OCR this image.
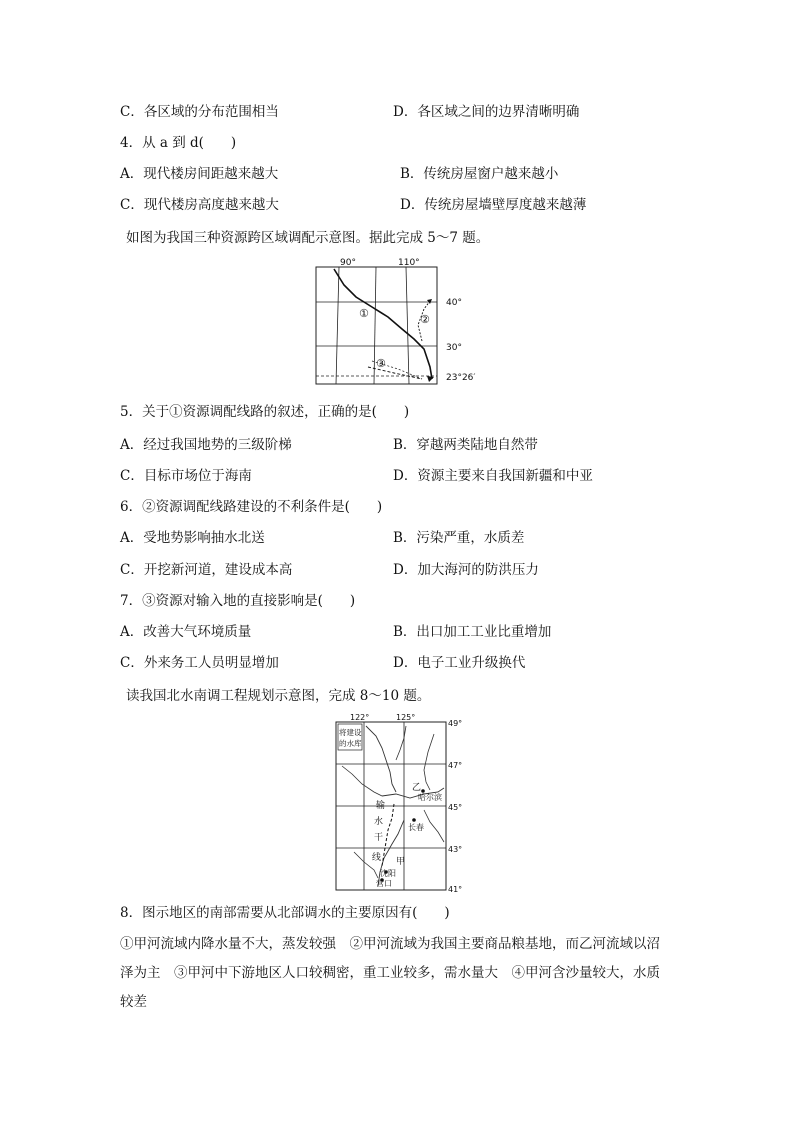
C．各区域的分布范围相当	D．各区域之间的边界清晰明确
4．从 a 到 d(　　)
A．现代楼房间距越来越大	B．传统房屋窗户越来越小
C．现代楼房高度越来越大	D．传统房屋墙壁厚度越来越薄
如图为我国三种资源跨区域调配示意图。据此完成 5～7 题。
90°	110°
40°
30°
23°26′
①	②
③
5．关于①资源调配线路的叙述，正确的是(　　)
A．经过我国地势的三级阶梯	B．穿越两类陆地自然带
C．目标市场位于海南	D．资源主要来自我国新疆和中亚
6．②资源调配线路建设的不利条件是(　　)
A．受地势影响抽水北送	B．污染严重，水质差
C．开挖新河道，建设成本高	D．加大海河的防洪压力
7．③资源对输入地的直接影响是(　　)
A．改善大气环境质量	B．出口加工工业比重增加
C．外来务工人员明显增加	D．电子工业升级换代
读我国北水南调工程规划示意图，完成 8～10 题。
122°	125°
49°
47°
45°
43°
41°
将建设
的水库
乙
哈尔滨
长春
甲
沈阳
营口
输
水
干
线
8．图示地区的南部需要从北部调水的主要原因有(　　)
①甲河流域内降水量不大，蒸发较强　②甲河流域为我国主要商品粮基地，而乙河流域以沼
泽为主　③甲河中下游地区人口较稠密，重工业较多，需水量大　④甲河含沙量较大，水质
较差
